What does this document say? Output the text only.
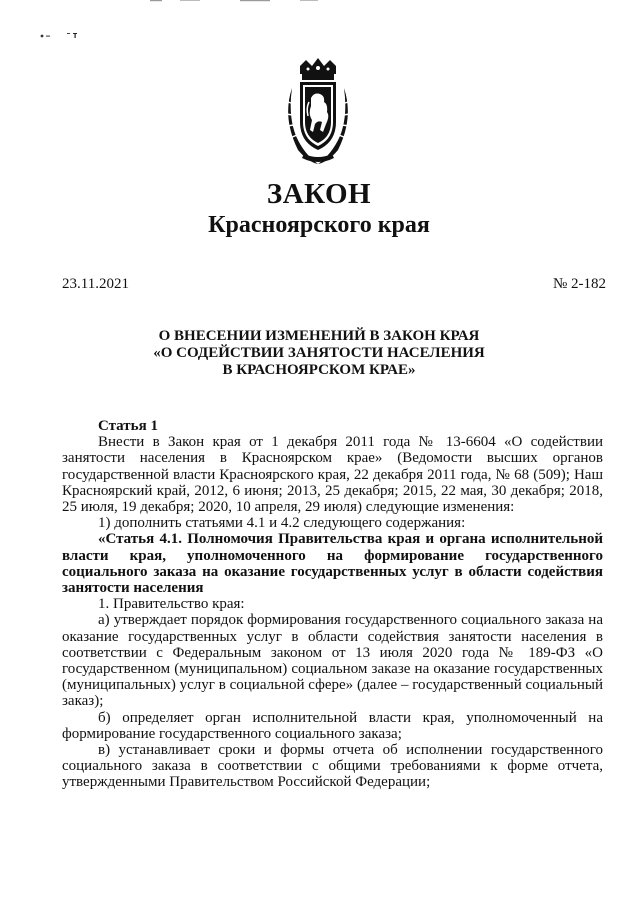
ЗАКОН
Красноярского края
23.11.2021	№ 2-182
О ВНЕСЕНИИ ИЗМЕНЕНИЙ В ЗАКОН КРАЯ
«О СОДЕЙСТВИИ ЗАНЯТОСТИ НАСЕЛЕНИЯ
В КРАСНОЯРСКОМ КРАЕ»

Статья 1

Внести в Закон края от 1 декабря 2011 года № 13-6604 «О содействии занятости населения в Красноярском крае» (Ведомости высших органов государственной власти Красноярского края, 22 декабря 2011 года, № 68 (509); Наш Красноярский край, 2012, 6 июня; 2013, 25 декабря; 2015, 22 мая, 30 декабря; 2018, 25 июля, 19 декабря; 2020, 10 апреля, 29 июля) следующие изменения:

1) дополнить статьями 4.1 и 4.2 следующего содержания:

«Статья 4.1. Полномочия Правительства края и органа исполнительной власти края, уполномоченного на формирование государственного социального заказа на оказание государственных услуг в области содействия занятости населения

1. Правительство края:

а) утверждает порядок формирования государственного социального заказа на оказание государственных услуг в области содействия занятости населения в соответствии с Федеральным законом от 13 июля 2020 года № 189-ФЗ «О государственном (муниципальном) социальном заказе на оказание государственных (муниципальных) услуг в социальной сфере» (далее – государственный социальный заказ);

б) определяет орган исполнительной власти края, уполномоченный на формирование государственного социального заказа;

в) устанавливает сроки и формы отчета об исполнении государственного социального заказа в соответствии с общими требованиями к форме отчета, утвержденными Правительством Российской Федерации;
